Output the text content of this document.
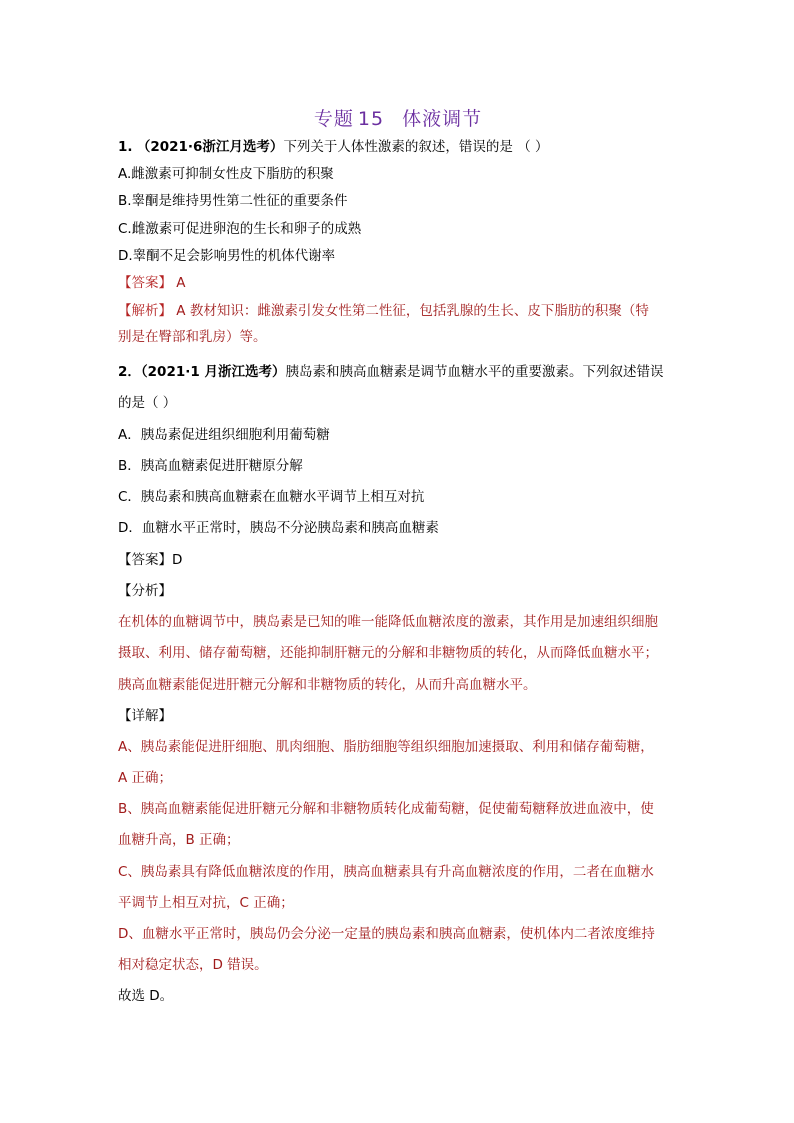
专题 15 体液调节
1. （2021·6浙江月选考）下列关于人体性激素的叙述，错误的是 （ ）
A.雌激素可抑制女性皮下脂肪的积聚
B.睾酮是维持男性第二性征的重要条件
C.雌激素可促进卵泡的生长和卵子的成熟
D.睾酮不足会影响男性的机体代谢率
【答案】 A
【解析】 A 教材知识：雌激素引发女性第二性征，包括乳腺的生长、皮下脂肪的积聚（特
别是在臀部和乳房）等。
2．（2021·1 月浙江选考）胰岛素和胰高血糖素是调节血糖水平的重要激素。下列叙述错误
的是（ ）
A．胰岛素促进组织细胞利用葡萄糖
B．胰高血糖素促进肝糖原分解
C．胰岛素和胰高血糖素在血糖水平调节上相互对抗
D．血糖水平正常时，胰岛不分泌胰岛素和胰高血糖素
【答案】D
【分析】
在机体的血糖调节中，胰岛素是已知的唯一能降低血糖浓度的激素，其作用是加速组织细胞
摄取、利用、储存葡萄糖，还能抑制肝糖元的分解和非糖物质的转化，从而降低血糖水平；
胰高血糖素能促进肝糖元分解和非糖物质的转化，从而升高血糖水平。
【详解】
A、胰岛素能促进肝细胞、肌肉细胞、脂肪细胞等组织细胞加速摄取、利用和储存葡萄糖，
A 正确；
B、胰高血糖素能促进肝糖元分解和非糖物质转化成葡萄糖，促使葡萄糖释放进血液中，使
血糖升高，B 正确；
C、胰岛素具有降低血糖浓度的作用，胰高血糖素具有升高血糖浓度的作用，二者在血糖水
平调节上相互对抗，C 正确；
D、血糖水平正常时，胰岛仍会分泌一定量的胰岛素和胰高血糖素，使机体内二者浓度维持
相对稳定状态，D 错误。
故选 D。
